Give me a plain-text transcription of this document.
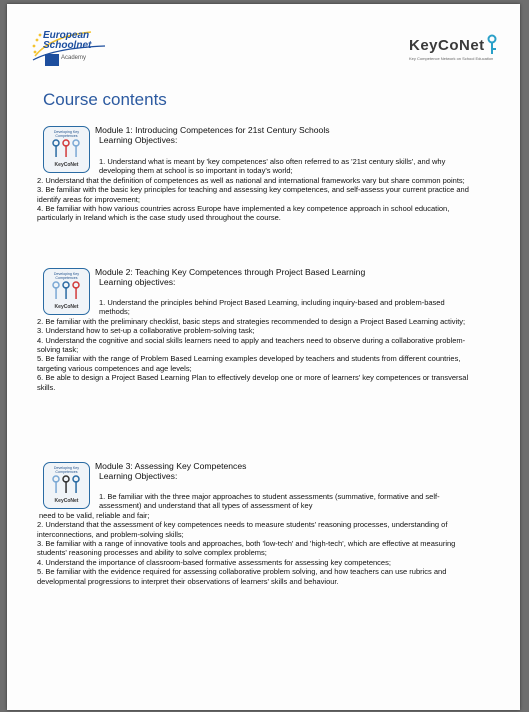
European
Schoolnet
Academy
KeyCoNet
Key Competence Network on School Education
Course contents
Developing Key Competences
KeyCoNet
Module 1: Introducing Competences for 21st Century Schools
Learning Objectives:

1. Understand what is meant by 'key competences' also often referred to as '21st century skills', and why developing them at school is so important in today's world;

2. Understand that the definition of competences as well as national and international frameworks vary but share common points;

3. Be familiar with the basic key principles for teaching and assessing key competences, and self-assess your current practice and identify areas for improvement;

4. Be familiar with how various countries across Europe have implemented a key competence approach in school education, particularly in Ireland which is the case study used throughout the course.

Developing Key Competences
KeyCoNet
Module 2: Teaching Key Competences through Project Based Learning
Learning objectives:

1. Understand the principles behind Project Based Learning, including inquiry-based and problem-based methods;

2. Be familiar with the preliminary checklist, basic steps and strategies recommended to design a Project Based Learning activity;

3. Understand how to set-up a collaborative problem-solving task;

4. Understand the cognitive and social skills learners need to apply and teachers need to observe during a collaborative problem-solving task;

5. Be familiar with the range of Problem Based Learning examples developed by teachers and students from different countries, targeting various competences and age levels;

6. Be able to design a Project Based Learning Plan to effectively develop one or more of learners' key competences or transversal skills.

Developing Key Competences
KeyCoNet
Module 3: Assessing Key Competences
Learning Objectives:

1. Be familiar with the three major approaches to student assessments (summative, formative and self-assessment) and understand that all types of assessment of key

need to be valid, reliable and fair;

2. Understand that the assessment of key competences needs to measure students' reasoning processes, understanding of interconnections, and problem-solving skills;

3. Be familiar with a range of innovative tools and approaches, both 'low-tech' and 'high-tech', which are effective at measuring students' reasoning processes and ability to solve complex problems;

4. Understand the importance of classroom-based formative assessments for assessing key competences;

5. Be familiar with the evidence required for assessing collaborative problem solving, and how teachers can use rubrics and developmental progressions to interpret their observations of learners' skills and behaviour.
